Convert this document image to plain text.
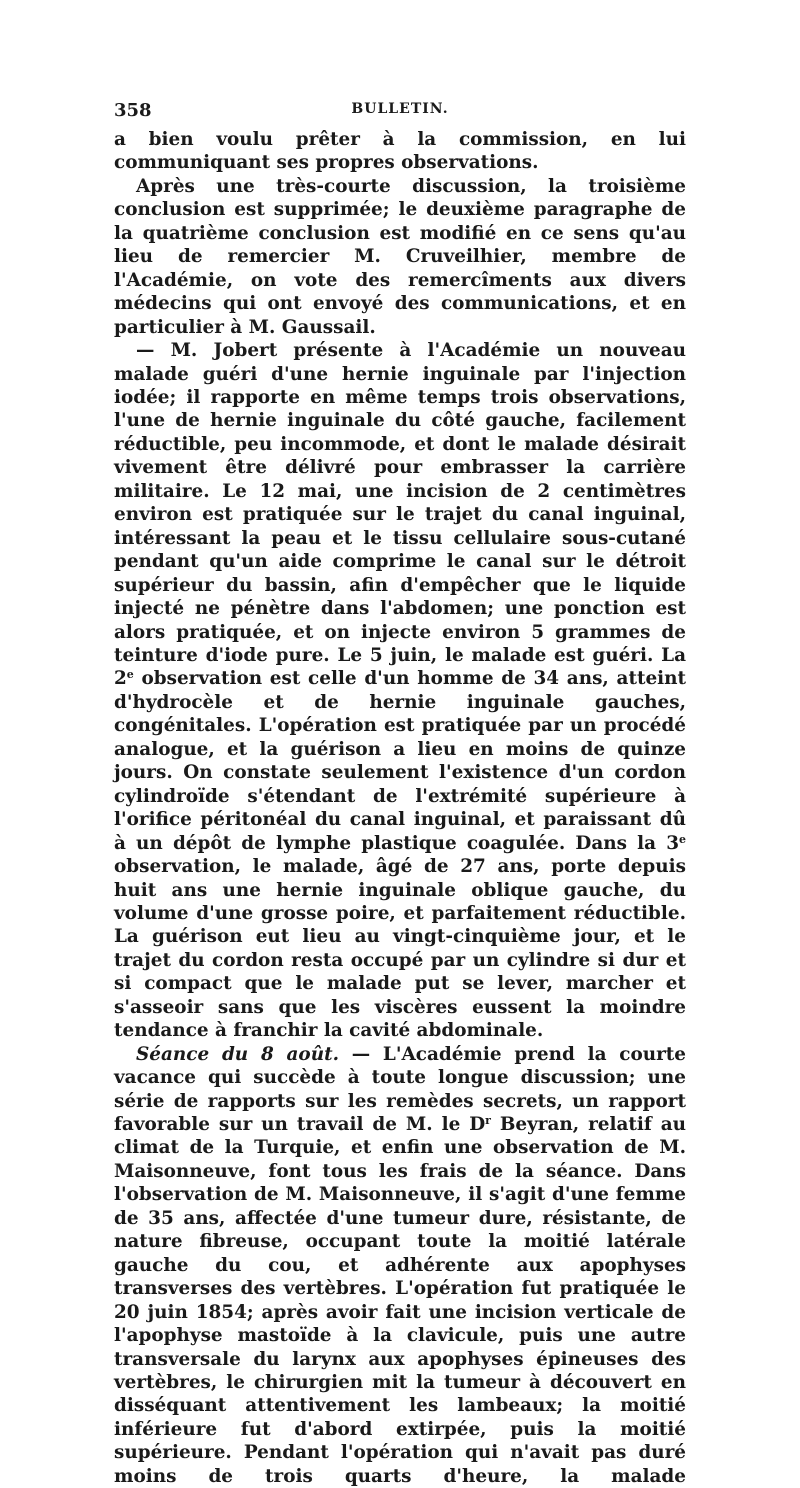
358	BULLETIN.

a bien voulu prêter à la commission, en lui communiquant ses propres observations.

Après une très-courte discussion, la troisième conclusion est supprimée; le deuxième paragraphe de la quatrième conclusion est modifié en ce sens qu'au lieu de remercier M. Cruveilhier, membre de l'Académie, on vote des remercîments aux divers médecins qui ont envoyé des communications, et en particulier à M. Gaussail.

— M. Jobert présente à l'Académie un nouveau malade guéri d'une hernie inguinale par l'injection iodée; il rapporte en même temps trois observations, l'une de hernie inguinale du côté gauche, facilement réductible, peu incommode, et dont le malade désirait vivement être délivré pour embrasser la carrière militaire. Le 12 mai, une incision de 2 centimètres environ est pratiquée sur le trajet du canal inguinal, intéressant la peau et le tissu cellulaire sous-cutané pendant qu'un aide comprime le canal sur le détroit supérieur du bassin, afin d'empêcher que le liquide injecté ne pénètre dans l'abdomen; une ponction est alors pratiquée, et on injecte environ 5 grammes de teinture d'iode pure. Le 5 juin, le malade est guéri. La 2e observation est celle d'un homme de 34 ans, atteint d'hydrocèle et de hernie inguinale gauches, congénitales. L'opération est pratiquée par un procédé analogue, et la guérison a lieu en moins de quinze jours. On constate seulement l'existence d'un cordon cylindroïde s'étendant de l'extrémité supérieure à l'orifice péritonéal du canal inguinal, et paraissant dû à un dépôt de lymphe plastique coagulée. Dans la 3e observation, le malade, âgé de 27 ans, porte depuis huit ans une hernie inguinale oblique gauche, du volume d'une grosse poire, et parfaitement réductible. La guérison eut lieu au vingt-cinquième jour, et le trajet du cordon resta occupé par un cylindre si dur et si compact que le malade put se lever, marcher et s'asseoir sans que les viscères eussent la moindre tendance à franchir la cavité abdominale.

Séance du 8 août. — L'Académie prend la courte vacance qui succède à toute longue discussion; une série de rapports sur les remèdes secrets, un rapport favorable sur un travail de M. le $D^r$ Beyran, relatif au climat de la Turquie, et enfin une observation de M. Maisonneuve, font tous les frais de la séance. Dans l'observation de M. Maisonneuve, il s'agit d'une femme de 35 ans, affectée d'une tumeur dure, résistante, de nature fibreuse, occupant toute la moitié latérale gauche du cou, et adhérente aux apophyses transverses des vertèbres. L'opération fut pratiquée le 20 juin 1854; après avoir fait une incision verticale de l'apophyse mastoïde à la clavicule, puis une autre transversale du larynx aux apophyses épineuses des vertèbres, le chirurgien mit la tumeur à découvert en disséquant attentivement les lambeaux; la moitié inférieure fut d'abord extirpée, puis la moitié supérieure. Pendant l'opération qui n'avait pas duré moins de trois quarts d'heure, la malade
